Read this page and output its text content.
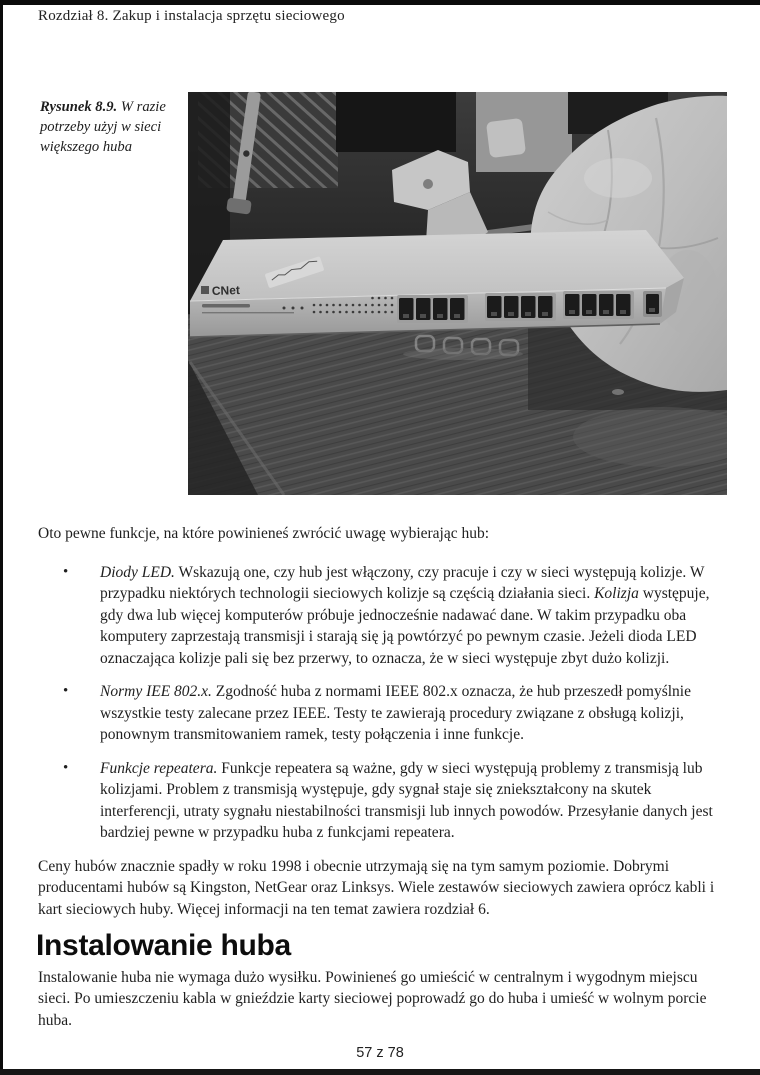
Rozdział 8. Zakup i instalacja sprzętu sieciowego
Rysunek 8.9. W razie potrzeby użyj w sieci większego huba
CNet

Oto pewne funkcje, na które powinieneś zwrócić uwagę wybierając hub:

•	Diody LED. Wskazują one, czy hub jest włączony, czy pracuje i czy w sieci występują kolizje. W przypadku niektórych technologii sieciowych kolizje są częścią działania sieci. Kolizja występuje, gdy dwa lub więcej komputerów próbuje jednocześnie nadawać dane. W takim przypadku oba komputery zaprzestają transmisji i starają się ją powtórzyć po pewnym czasie. Jeżeli dioda LED oznaczająca kolizje pali się bez przerwy, to oznacza, że w sieci występuje zbyt dużo kolizji.
•	Normy IEE 802.x. Zgodność huba z normami IEEE 802.x oznacza, że hub przeszedł pomyślnie wszystkie testy zalecane przez IEEE. Testy te zawierają procedury związane z obsługą kolizji, ponownym transmitowaniem ramek, testy połączenia i inne funkcje.
•	Funkcje repeatera. Funkcje repeatera są ważne, gdy w sieci występują problemy z transmisją lub kolizjami. Problem z transmisją występuje, gdy sygnał staje się zniekształcony na skutek interferencji, utraty sygnału niestabilności transmisji lub innych powodów. Przesyłanie danych jest bardziej pewne w przypadku huba z funkcjami repeatera.

Ceny hubów znacznie spadły w roku 1998 i obecnie utrzymają się na tym samym poziomie. Dobrymi producentami hubów są Kingston, NetGear oraz Linksys. Wiele zestawów sieciowych zawiera oprócz kabli i kart sieciowych huby. Więcej informacji na ten temat zawiera rozdział 6.

Instalowanie huba

Instalowanie huba nie wymaga dużo wysiłku. Powinieneś go umieścić w centralnym i wygodnym miejscu sieci. Po umieszczeniu kabla w gnieździe karty sieciowej poprowadź go do huba i umieść w wolnym porcie huba.

57 z 78
